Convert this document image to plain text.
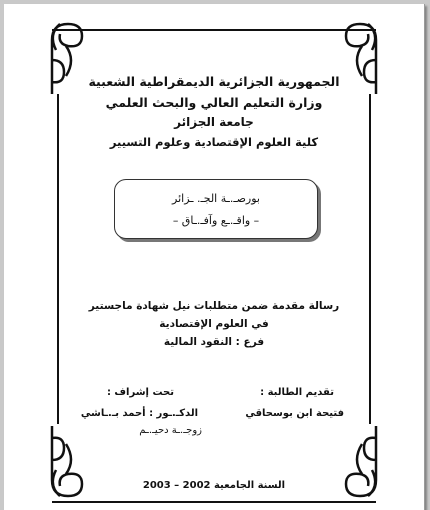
الجمهورية الجزائرية الديمقراطية الشعبية
وزارة التعليم العالي والبحث العلمي
جامعة الجزائر
كلية العلوم الإقتصادية وعلوم التسيير
بورصـ.ـة الجـ. ـزائر
– واقـ.ـع وآفـ.ـاق –
رسالة مقدمة ضمن متطلبات نيل شهادة ماجستير
في العلوم الإقتصادية
فرع : النقود المالية
تقديم الطالبة :
تحت إشراف :
فتيحة ابن بوسحاقي
الدكـ.ـور : أحمد بـ.ـاشي
زوجـ.ـة دحيـ.ـم
السنة الجامعية 2002 – 2003
